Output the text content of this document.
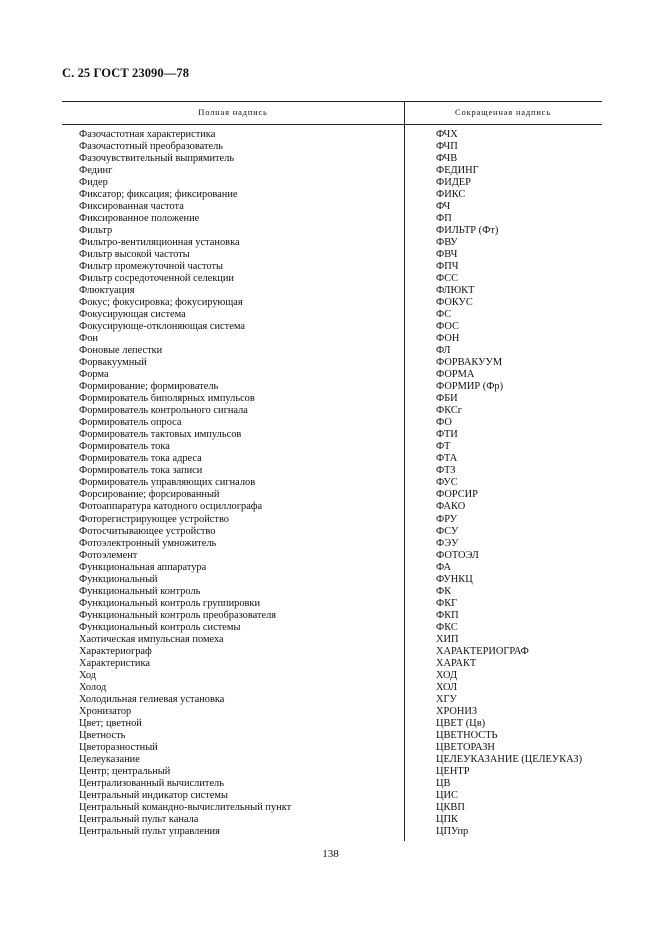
С. 25 ГОСТ 23090—78
Полная надпись	Сокращенная надпись
Фазочастотная характеристика	ФЧХ
Фазочастотный преобразователь	ФЧП
Фазочувствительный выпрямитель	ФЧВ
Фединг	ФЕДИНГ
Фидер	ФИДЕР
Фиксатор; фиксация; фиксирование	ФИКС
Фиксированная частота	ФЧ
Фиксированное положение	ФП
Фильтр	ФИЛЬТР (Фт)
Фильтро-вентиляционная установка	ФВУ
Фильтр высокой частоты	ФВЧ
Фильтр промежуточной частоты	ФПЧ
Фильтр сосредоточенной селекции	ФСС
Флюктуация	ФЛЮКТ
Фокус; фокусировка; фокусирующая	ФОКУС
Фокусирующая система	ФС
Фокусирующе-отклоняющая система	ФОС
Фон	ФОН
Фоновые лепестки	ФЛ
Форвакуумный	ФОРВАКУУМ
Форма	ФОРМА
Формирование; формирователь	ФОРМИР (Фр)
Формирователь биполярных импульсов	ФБИ
Формирователь контрольного сигнала	ФКСг
Формирователь опроса	ФО
Формирователь тактовых импульсов	ФТИ
Формирователь тока	ФТ
Формирователь тока адреса	ФТА
Формирователь тока записи	ФТЗ
Формирователь управляющих сигналов	ФУС
Форсирование; форсированный	ФОРСИР
Фотоаппаратура катодного осциллографа	ФАКО
Фоторегистрирующее устройство	ФРУ
Фотосчитывающее устройство	ФСУ
Фотоэлектронный умножитель	ФЭУ
Фотоэлемент	ФОТОЭЛ
Функциональная аппаратура	ФА
Функциональный	ФУНКЦ
Функциональный контроль	ФК
Функциональный контроль группировки	ФКГ
Функциональный контроль преобразователя	ФКП
Функциональный контроль системы	ФКС
Хаотическая импульсная помеха	ХИП
Характериограф	ХАРАКТЕРИОГРАФ
Характеристика	ХАРАКТ
Ход	ХОД
Холод	ХОЛ
Холодильная гелиевая установка	ХГУ
Хронизатор	ХРОНИЗ
Цвет; цветной	ЦВЕТ (Цв)
Цветность	ЦВЕТНОСТЬ
Цветоразностный	ЦВЕТОРАЗН
Целеуказание	ЦЕЛЕУКАЗАНИЕ (ЦЕЛЕУКАЗ)
Центр; центральный	ЦЕНТР
Централизованный вычислитель	ЦВ
Центральный индикатор системы	ЦИС
Центральный командно-вычислительный пункт	ЦКВП
Центральный пульт канала	ЦПК
Центральный пульт управления	ЦПУпр
138
